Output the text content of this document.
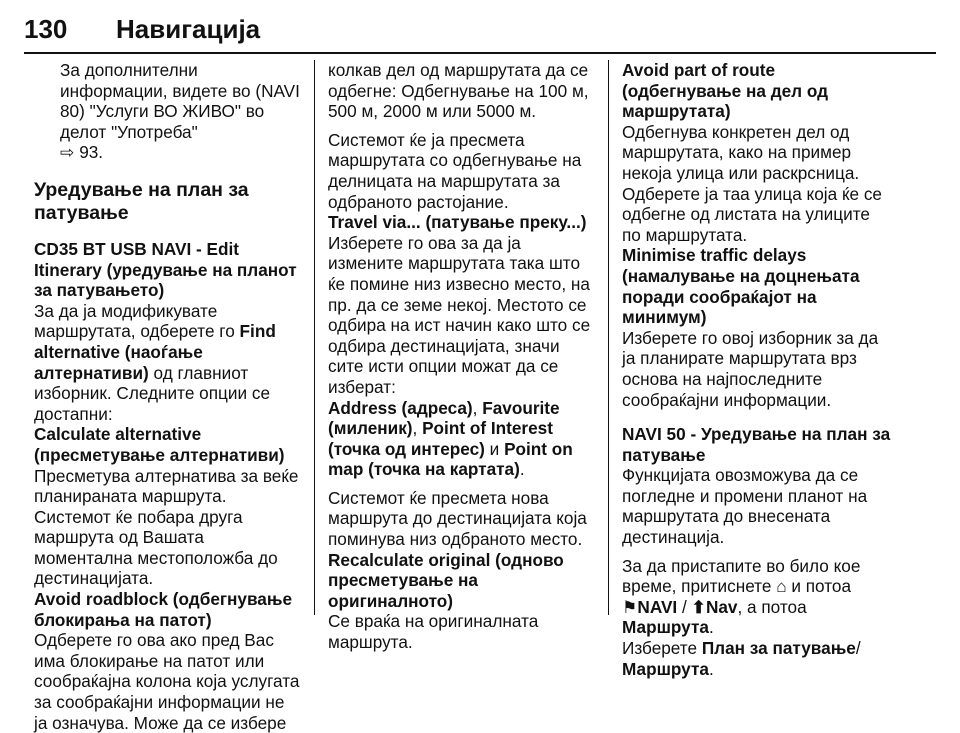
130 Навигација

За дополнителни информации, видете во (NAVI 80) "Услуги ВО ЖИВО" во делот "Употреба"
⇨ 93.

Уредување на план за патување

CD35 BT USB NAVI - Edit Itinerary (уредување на планот за патувањето)

За да ја модификувате маршрутата, одберете го Find alternative (наоѓање алтернативи) од главниот изборник. Следните опции се достапни:

Calculate alternative (пресметување алтернативи)

Пресметува алтернатива за веќе планираната маршрута. Системот ќе побара друга маршрута од Вашата моментална местоположба до дестинацијата.

Avoid roadblock (одбегнување блокирања на патот)

Одберете го ова ако пред Вас има блокирање на патот или сообраќајна колона која услугата за сообраќајни информации не ја означува. Може да се избере

колкав дел од маршрутата да се одбегне: Одбегнување на 100 м, 500 м, 2000 м или 5000 м.

Системот ќе ја пресмета маршрутата со одбегнување на делницата на маршрутата за одбраното растојание.

Travel via... (патување преку...)

Изберете го ова за да ја измените маршрутата така што ќе помине низ извесно место, на пр. да се земе некој. Местото се одбира на ист начин како што се одбира дестинацијата, значи сите исти опции можат да се изберат:

Address (адреса), Favourite (миленик), Point of Interest (точка од интерес) и Point on map (точка на картата).

Системот ќе пресмета нова маршрута до дестинацијата која поминува низ одбраното место.

Recalculate original (одново пресметување на оригиналното)

Се враќа на оригиналната маршрута.

Avoid part of route (одбегнување на дел од маршрутата)

Одбегнува конкретен дел од маршрутата, како на пример некоја улица или раскрсница. Одберете ја таа улица која ќе се одбегне од листата на улиците по маршрутата.

Minimise traffic delays (намалување на доцнењата поради сообраќајот на минимум)

Изберете го овој изборник за да ја планирате маршрутата врз основа на најпоследните сообраќајни информации.

NAVI 50 - Уредување на план за патување

Функцијата овозможува да се погледне и промени планот на маршрутата до внесената дестинација.

За да пристапите во било кое време, притиснете ⌂ и потоа
⚑NAVI / ⬆Nav, а потоа Маршрута.

Изберете План за патување/
Маршрута.
